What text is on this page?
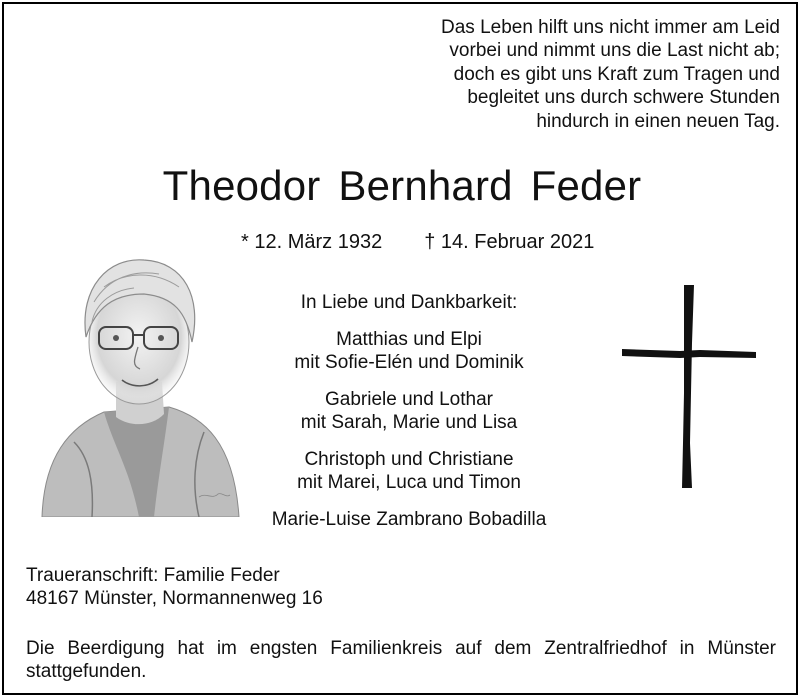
Das Leben hilft uns nicht immer am Leid
vorbei und nimmt uns die Last nicht ab;
doch es gibt uns Kraft zum Tragen und
begleitet uns durch schwere Stunden
hindurch in einen neuen Tag.
Theodor Bernhard Feder
* 12. März 1932 † 14. Februar 2021
In Liebe und Dankbarkeit:
Matthias und Elpi
mit Sofie-Elén und Dominik
Gabriele und Lothar
mit Sarah, Marie und Lisa
Christoph und Christiane
mit Marei, Luca und Timon
Marie-Luise Zambrano Bobadilla
Traueranschrift: Familie Feder
48167 Münster, Normannenweg 16
Die Beerdigung hat im engsten Familienkreis auf dem Zentralfriedhof in Münster stattgefunden.
